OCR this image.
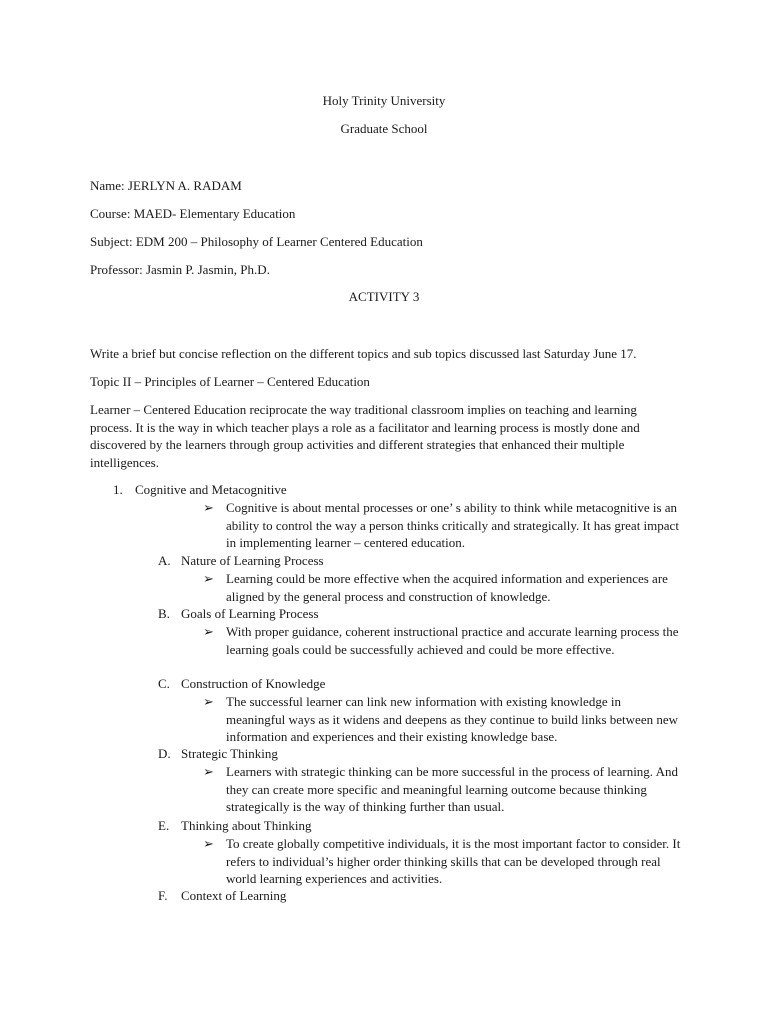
Holy Trinity University
Graduate School
Name: JERLYN A. RADAM
Course: MAED- Elementary Education
Subject: EDM 200 – Philosophy of Learner Centered Education
Professor: Jasmin P. Jasmin, Ph.D.
ACTIVITY 3
Write a brief but concise reflection on the different topics and sub topics discussed last Saturday June 17.
Topic II – Principles of Learner – Centered Education
Learner – Centered Education reciprocate the way traditional classroom implies on teaching and learning process. It is the way in which teacher plays a role as a facilitator and learning process is mostly done and discovered by the learners through group activities and different strategies that enhanced their multiple intelligences.
1. Cognitive and Metacognitive
➢ Cognitive is about mental processes or one’ s ability to think while metacognitive is an ability to control the way a person thinks critically and strategically. It has great impact in implementing learner – centered education.
A. Nature of Learning Process
➢ Learning could be more effective when the acquired information and experiences are aligned by the general process and construction of knowledge.
B. Goals of Learning Process
➢ With proper guidance, coherent instructional practice and accurate learning process the learning goals could be successfully achieved and could be more effective.
C. Construction of Knowledge
➢ The successful learner can link new information with existing knowledge in meaningful ways as it widens and deepens as they continue to build links between new information and experiences and their existing knowledge base.
D. Strategic Thinking
➢ Learners with strategic thinking can be more successful in the process of learning. And they can create more specific and meaningful learning outcome because thinking strategically is the way of thinking further than usual.
E. Thinking about Thinking
➢ To create globally competitive individuals, it is the most important factor to consider. It refers to individual’s higher order thinking skills that can be developed through real world learning experiences and activities.
F. Context of Learning
